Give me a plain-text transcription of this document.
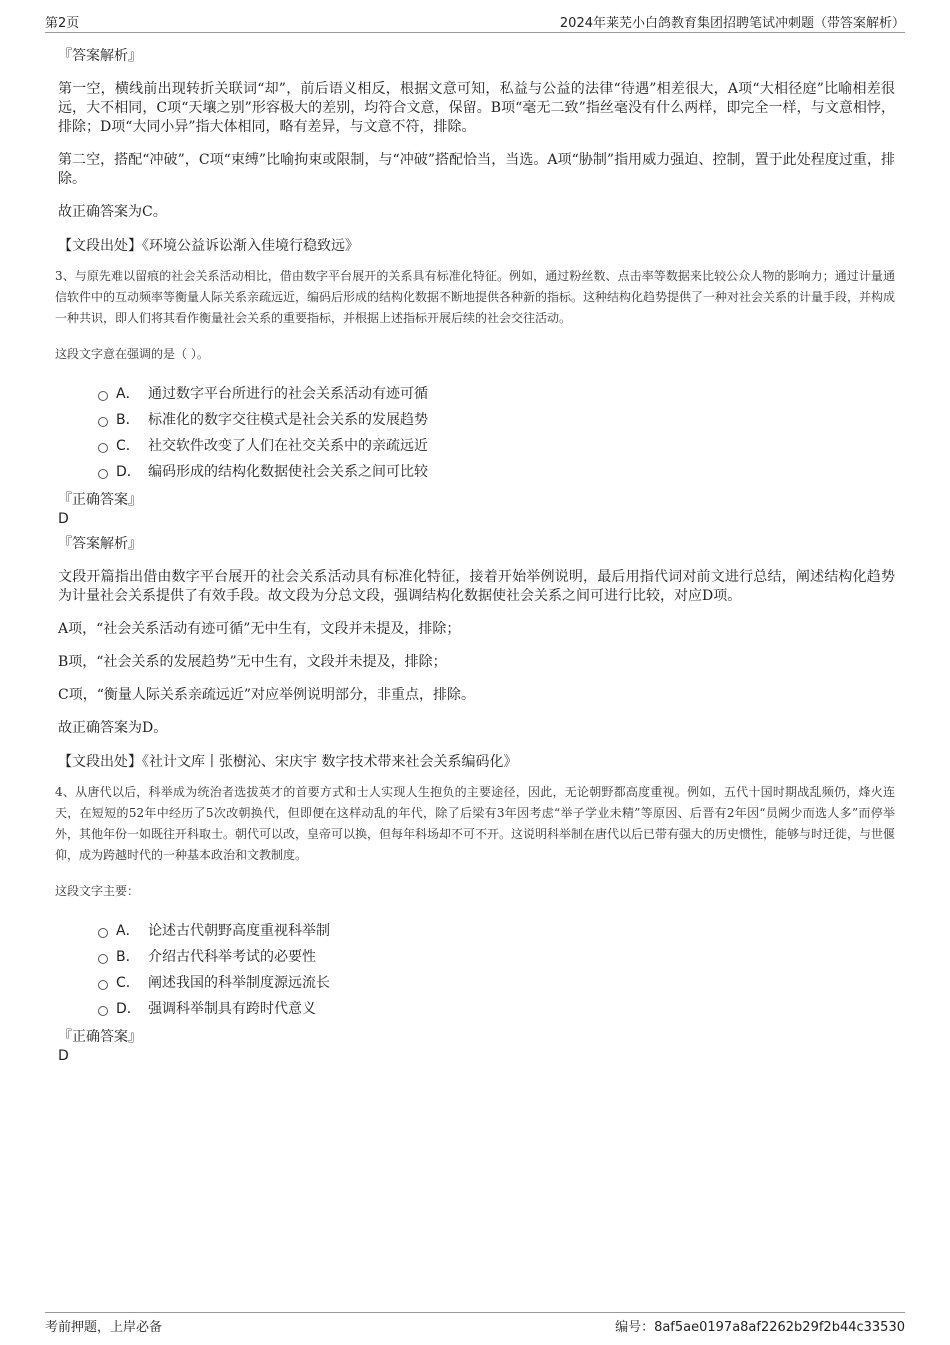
第2页	2024年莱芜小白鸽教育集团招聘笔试冲刺题（带答案解析）
『答案解析』
第一空，横线前出现转折关联词“却”，前后语义相反，根据文意可知，私益与公益的法律“待遇”相差很大，A项“大相径庭”比喻相差很远，大不相同，C项“天壤之别”形容极大的差别，均符合文意，保留。B项“毫无二致”指丝毫没有什么两样，即完全一样，与文意相悖，排除；D项“大同小异”指大体相同，略有差异，与文意不符，排除。
第二空，搭配“冲破”，C项“束缚”比喻拘束或限制，与“冲破”搭配恰当，当选。A项“胁制”指用威力强迫、控制，置于此处程度过重，排除。
故正确答案为C。
【文段出处】《环境公益诉讼渐入佳境行稳致远》
3、与原先难以留痕的社会关系活动相比，借由数字平台展开的关系具有标准化特征。例如，通过粉丝数、点击率等数据来比较公众人物的影响力；通过计量通信软件中的互动频率等衡量人际关系亲疏远近，编码后形成的结构化数据不断地提供各种新的指标。这种结构化趋势提供了一种对社会关系的计量手段，并构成一种共识，即人们将其看作衡量社会关系的重要指标，并根据上述指标开展后续的社会交往活动。
这段文字意在强调的是（ ）。
A． 通过数字平台所进行的社会关系活动有迹可循
B． 标准化的数字交往模式是社会关系的发展趋势
C． 社交软件改变了人们在社交关系中的亲疏远近
D． 编码形成的结构化数据使社会关系之间可比较
『正确答案』
D
『答案解析』
文段开篇指出借由数字平台展开的社会关系活动具有标准化特征，接着开始举例说明，最后用指代词对前文进行总结，阐述结构化趋势为计量社会关系提供了有效手段。故文段为分总文段，强调结构化数据使社会关系之间可进行比较，对应D项。
A项，“社会关系活动有迹可循”无中生有，文段并未提及，排除；
B项，“社会关系的发展趋势”无中生有，文段并未提及，排除；
C项，“衡量人际关系亲疏远近”对应举例说明部分，非重点，排除。
故正确答案为D。
【文段出处】《社计文库丨张樹沁、宋庆宇 数字技术带来社会关系编码化》
4、从唐代以后，科举成为统治者选拔英才的首要方式和士人实现人生抱负的主要途径，因此，无论朝野都高度重视。例如，五代十国时期战乱频仍，烽火连天，在短短的52年中经历了5次改朝换代，但即便在这样动乱的年代，除了后梁有3年因考虑“举子学业未精”等原因、后晋有2年因“员阙少而选人多”而停举外，其他年份一如既往开科取士。朝代可以改，皇帝可以换，但每年科场却不可不开。这说明科举制在唐代以后已带有强大的历史惯性，能够与时迁徙，与世偃仰，成为跨越时代的一种基本政治和文教制度。
这段文字主要：
A． 论述古代朝野高度重视科举制
B． 介绍古代科举考试的必要性
C． 阐述我国的科举制度源远流长
D． 强调科举制具有跨时代意义
『正确答案』
D
考前押题，上岸必备	编号：8af5ae0197a8af2262b29f2b44c33530
